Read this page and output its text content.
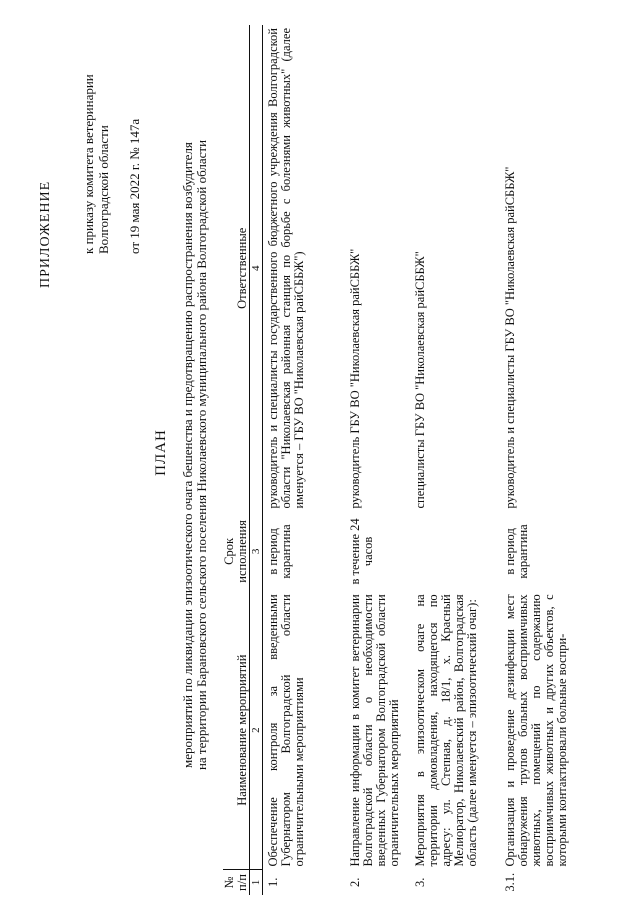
ПРИЛОЖЕНИЕ к приказу комитета ветеринарии Волгоградской области от 19 мая 2022 г. № 147а
ПЛАН мероприятий по ликвидации эпизоотического очага бешенства и предотвращению распространения возбудителя на территории Барановского сельского поселения Николаевского муниципального района Волгоградской области
№ п/п	Наименование мероприятий	Срок исполнения	Ответственные
1	2	3	4
1.	Обеспечение контроля за введенными Губернатором Волгоградской области ограничительными мероприятиями	в период карантина	руководитель и специалисты государственного бюджетного учреждения Волгоградской области "Николаевская районная станция по борьбе с болезнями животных" (далее именуется – ГБУ ВО "Николаевская райСББЖ")
2.	Направление информации в комитет ветеринарии Волгоградской области о необходимости введенных Губернатором Волгоградской области ограничительных мероприятий	в течение 24 часов	руководитель ГБУ ВО "Николаевская райСББЖ"
3.	Мероприятия в эпизоотическом очаге на территории домовладения, находящегося по адресу: ул. Степная, д. 18/1, х. Красный Мелиоратор, Николаевский район, Волгоградская область (далее именуется – эпизоотический очаг):		специалисты ГБУ ВО "Николаевская райСББЖ"
3.1.	Организация и проведение дезинфекции мест обнаружения трупов больных восприимчивых животных, помещений по содержанию восприимчивых животных и других объектов, с которыми контактировали больные воспри-	в период карантина	руководитель и специалисты ГБУ ВО "Николаевская райСББЖ"
